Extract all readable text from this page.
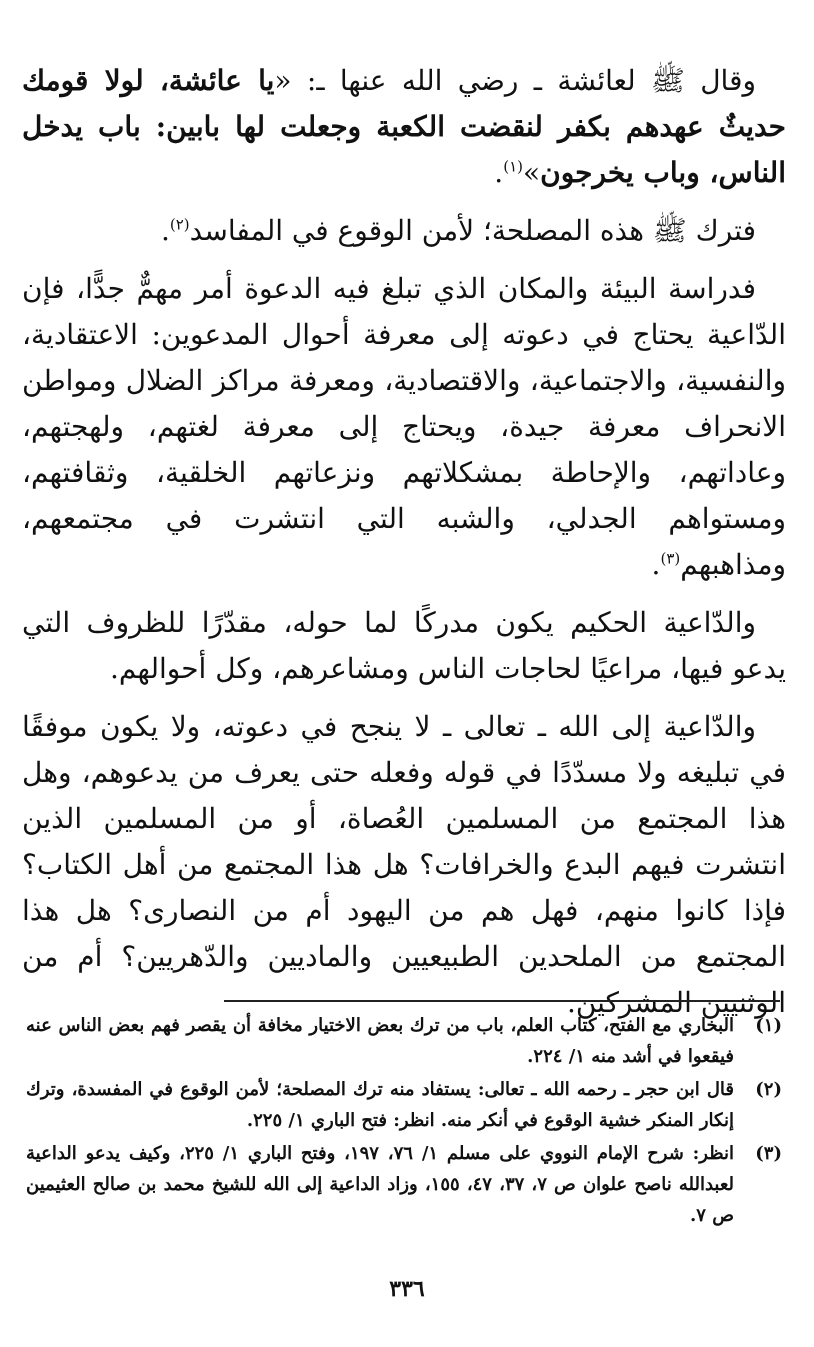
وقال ﷺ لعائشة ـ رضي الله عنها ـ: «يا عائشة، لولا قومك حديثٌ عهدهم بكفر لنقضت الكعبة وجعلت لها بابين: باب يدخل الناس، وباب يخرجون»$^{(١)}$.

فترك ﷺ هذه المصلحة؛ لأمن الوقوع في المفاسد$^{(٢)}$.

فدراسة البيئة والمكان الذي تبلغ فيه الدعوة أمر مهمٌّ جدًّا، فإن الدّاعية يحتاج في دعوته إلى معرفة أحوال المدعوين: الاعتقادية، والنفسية، والاجتماعية، والاقتصادية، ومعرفة مراكز الضلال ومواطن الانحراف معرفة جيدة، ويحتاج إلى معرفة لغتهم، ولهجتهم، وعاداتهم، والإحاطة بمشكلاتهم ونزعاتهم الخلقية، وثقافتهم، ومستواهم الجدلي، والشبه التي انتشرت في مجتمعهم، ومذاهبهم$^{(٣)}$.

والدّاعية الحكيم يكون مدركًا لما حوله، مقدّرًا للظروف التي يدعو فيها، مراعيًا لحاجات الناس ومشاعرهم، وكل أحوالهم.

والدّاعية إلى الله ـ تعالى ـ لا ينجح في دعوته، ولا يكون موفقًا في تبليغه ولا مسدّدًا في قوله وفعله حتى يعرف من يدعوهم، وهل هذا المجتمع من المسلمين العُصاة، أو من المسلمين الذين انتشرت فيهم البدع والخرافات؟ هل هذا المجتمع من أهل الكتاب؟ فإذا كانوا منهم، فهل هم من اليهود أم من النصارى؟ هل هذا المجتمع من الملحدين الطبيعيين والماديين والدّهريين؟ أم من الوثنيين المشركين.

(١)
البخاري مع الفتح، كتاب العلم، باب من ترك بعض الاختيار مخافة أن يقصر فهم بعض الناس عنه فيقعوا في أشد منه ١/ ٢٢٤.
(٢)
قال ابن حجر ـ رحمه الله ـ تعالى: يستفاد منه ترك المصلحة؛ لأمن الوقوع في المفسدة، وترك إنكار المنكر خشية الوقوع في أنكر منه. انظر: فتح الباري ١/ ٢٢٥.
(٣)
انظر: شرح الإمام النووي على مسلم ١/ ٧٦، ١٩٧، وفتح الباري ١/ ٢٢٥، وكيف يدعو الداعية لعبدالله ناصح علوان ص ٧، ٣٧، ٤٧، ١٥٥، وزاد الداعية إلى الله للشيخ محمد بن صالح العثيمين ص ٧.
٣٣٦
